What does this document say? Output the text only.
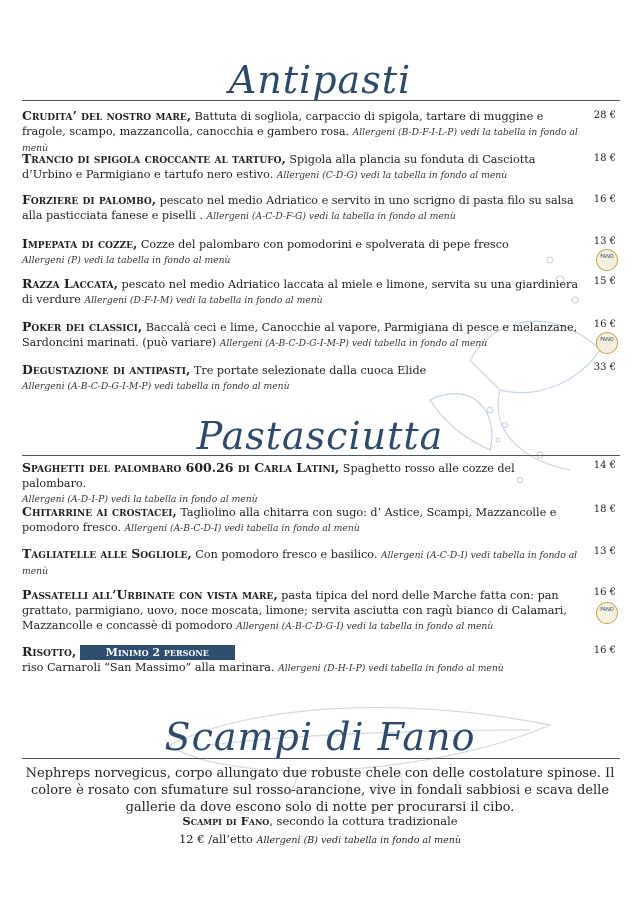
Antipasti
Crudita’ del nostro mare, Battuta di sogliola, carpaccio di spigola, tartare di muggine e fragole, scampo, mazzancolla, canocchia e gambero rosa. Allergeni (B-D-F-I-L-P) vedi la tabella in fondo al menù
28 €
Trancio di spigola croccante al tartufo, Spigola alla plancia su fonduta di Casciotta d’Urbino e Parmigiano e tartufo nero estivo. Allergeni (C-D-G) vedi la tabella in fondo al menù
18 €
Forziere di palombo, pescato nel medio Adriatico e servito in uno scrigno di pasta filo su salsa alla pasticciata fanese e piselli . Allergeni (A-C-D-F-G) vedi la tabella in fondo al menù
16 €
Impepata di cozze, Cozze del palombaro con pomodorini e spolverata di pepe fresco
Allergeni (P) vedi la tabella in fondo al menù
13 €
FANO
Razza Laccata, pescato nel medio Adriatico laccata al miele e limone, servita su una giardiniera di verdure Allergeni (D-F-I-M) vedi la tabella in fondo al menù
15 €
Poker dei classici, Baccalà ceci e lime, Canocchie al vapore, Parmigiana di pesce e melanzane, Sardoncini marinati. (può variare) Allergeni (A-B-C-D-G-I-M-P) vedi tabella in fondo al menù
16 €
FANO
Degustazione di antipasti, Tre portate selezionate dalla cuoca Elide
Allergeni (A-B-C-D-G-I-M-P) vedi tabella in fondo al menù
33 €
Pastasciutta
Spaghetti del palombaro 600.26 di Carla Latini, Spaghetto rosso alle cozze del palombaro.
Allergeni (A-D-I-P) vedi la tabella in fondo al menù
14 €
Chitarrine ai crostacei, Tagliolino alla chitarra con sugo: d’ Astice, Scampi, Mazzancolle e pomodoro fresco. Allergeni (A-B-C-D-I) vedi tabella in fondo al menù
18 €
Tagliatelle alle Sogliole, Con pomodoro fresco e basilico. Allergeni (A-C-D-I) vedi tabella in fondo al menù
13 €
Passatelli all’Urbinate con vista mare, pasta tipica del nord delle Marche fatta con: pan grattato, parmigiano, uovo, noce moscata, limone; servita asciutta con ragù bianco di Calamari, Mazzancolle e concassè di pomodoro Allergeni (A-B-C-D-G-I) vedi la tabella in fondo al menù
16 €
FANO
Risotto,	Minimo 2 persone
riso Carnaroli “San Massimo” alla marinara. Allergeni (D-H-I-P) vedi tabella in fondo al menù
16 €
Scampi di Fano
Nephreps norvegicus, corpo allungato due robuste chele con delle costolature spinose. Il colore è rosato con sfumature sul rosso-arancione, vive in fondali sabbiosi e scava delle gallerie da dove escono solo di notte per procurarsi il cibo.
Scampi di Fano, secondo la cottura tradizionale
12 € /all’etto Allergeni (B) vedi tabella in fondo al menù
